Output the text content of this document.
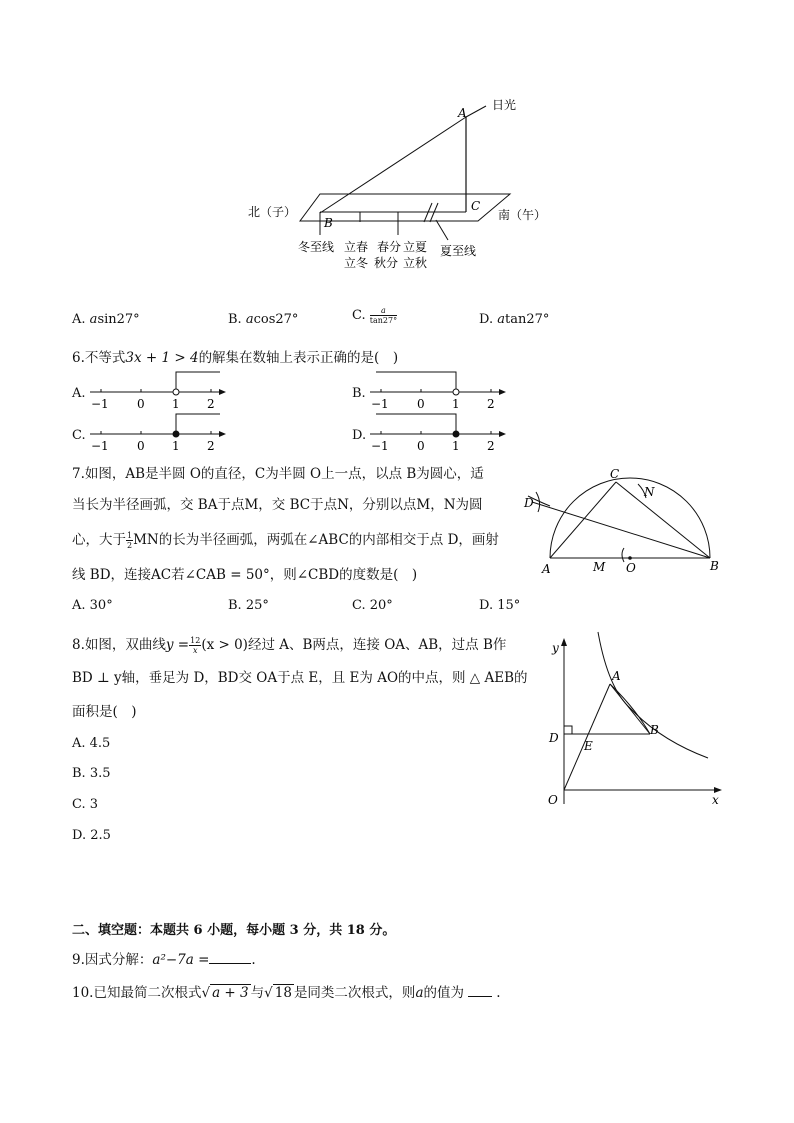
A
B
C
日光
北（子）	南（午）
冬至线 立春
立冬
春分
秋分
立夏
立秋
夏至线
A. asin27°	B. acos27°	C. $\frac{a}{\tan 27^\circ}$	D. atan27°
6.不等式3x + 1 > 4的解集在数轴上表示正确的是(　)
A.	B.
C.	D.
−1 0 1 2	−1 0 1 2
−1 0 1 2	−1 0 1 2
7.如图，AB是半圆 O的直径，C为半圆 O上一点，以点 B为圆心，适
当长为半径画弧，交 BA于点M，交 BC于点N，分别以点M，N为圆
心，大于 $\frac{1}{2}$ MN的长为半径画弧，两弧在∠ABC的内部相交于点 D，画射
线 BD，连接AC若∠CAB = 50°，则∠CBD的度数是(　)
A. 30°	B. 25°	C. 20°	D. 15°
C
N
D
A	M O	B
8.如图，双曲线$y = \frac{12}{x} (x > 0)$经过 A、B两点，连接 OA、AB，过点 B作
BD ⊥ y轴，垂足为 D，BD交 OA于点 E，且 E为 AO的中点，则 △ AEB的
面积是(　)
A. 4.5
B. 3.5
C. 3
D. 2.5
y
x
A
B
D
E
O
二、填空题：本题共 6 小题，每小题 3 分，共 18 分。
9.因式分解：a²−7a =	.
10.已知最简二次根式√ a + 3 与√ 18 是同类二次根式，则a的值为 .
